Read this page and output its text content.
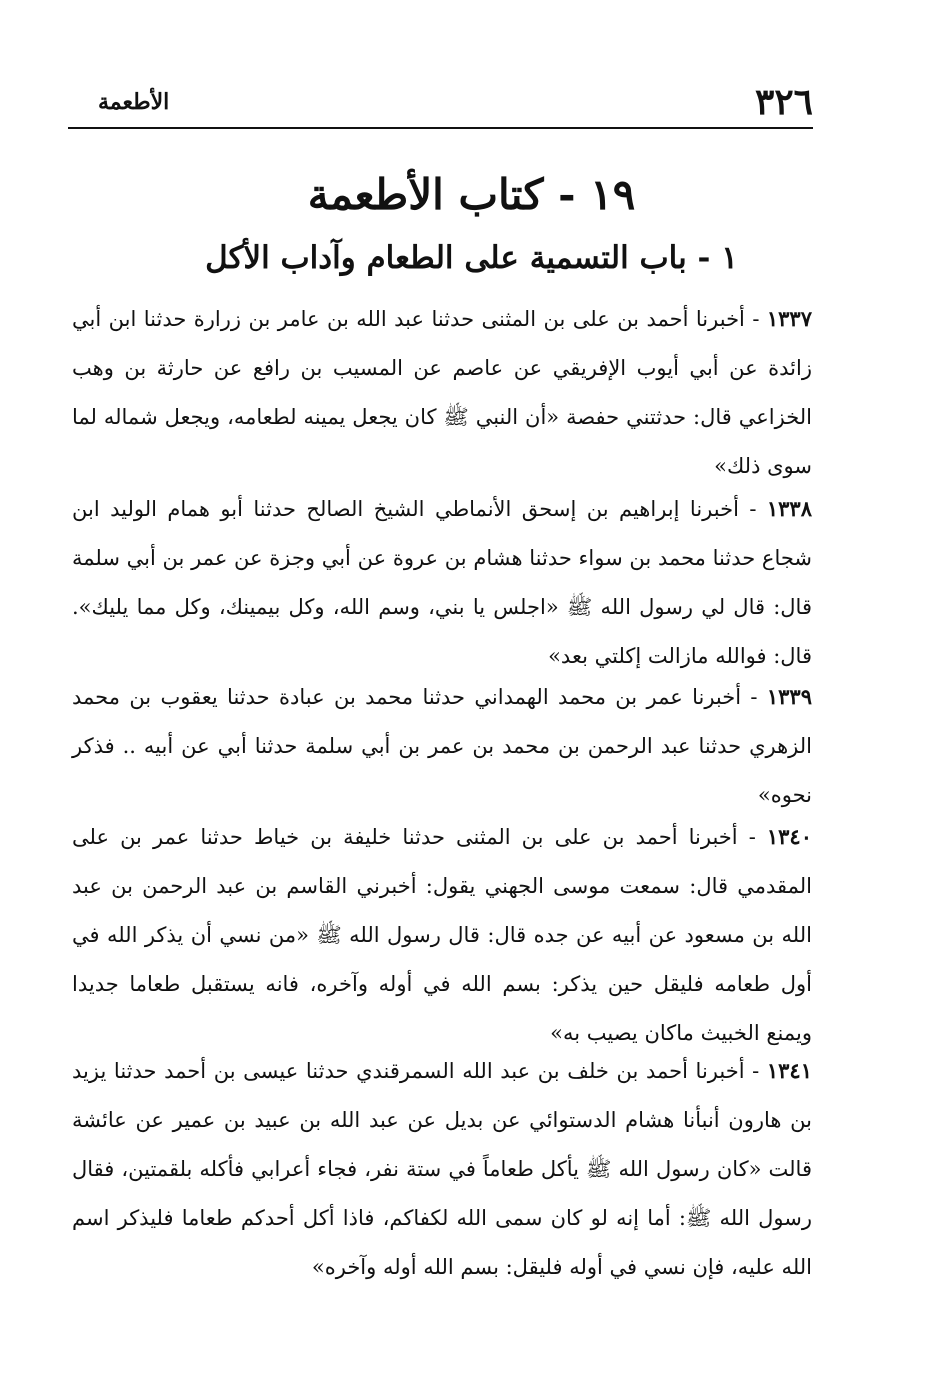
٣٢٦
الأطعمة
١٩ - كتاب الأطعمة
١ - باب التسمية على الطعام وآداب الأكل

١٣٣٧ - أخبرنا أحمد بن على بن المثنى حدثنا عبد الله بن عامر بن زرارة حدثنا ابن أبي زائدة عن أبي أيوب الإفريقي عن عاصم عن المسيب بن رافع عن حارثة بن وهب الخزاعي قال: حدثتني حفصة «أن النبي ﷺ كان يجعل يمينه لطعامه، ويجعل شماله لما سوى ذلك»

١٣٣٨ - أخبرنا إبراهيم بن إسحق الأنماطي الشيخ الصالح حدثنا أبو همام الوليد ابن شجاع حدثنا محمد بن سواء حدثنا هشام بن عروة عن أبي وجزة عن عمر بن أبي سلمة قال: قال لي رسول الله ﷺ «اجلس يا بني، وسم الله، وكل بيمينك، وكل مما يليك». قال: فوالله مازالت إكلتي بعد»

١٣٣٩ - أخبرنا عمر بن محمد الهمداني حدثنا محمد بن عبادة حدثنا يعقوب بن محمد الزهري حدثنا عبد الرحمن بن محمد بن عمر بن أبي سلمة حدثنا أبي عن أبيه .. فذكر نحوه»

١٣٤٠ - أخبرنا أحمد بن على بن المثنى حدثنا خليفة بن خياط حدثنا عمر بن على المقدمي قال: سمعت موسى الجهني يقول: أخبرني القاسم بن عبد الرحمن بن عبد الله بن مسعود عن أبيه عن جده قال: قال رسول الله ﷺ «من نسي أن يذكر الله في أول طعامه فليقل حين يذكر: بسم الله في أوله وآخره، فانه يستقبل طعاما جديدا ويمنع الخبيث ماكان يصيب به»

١٣٤١ - أخبرنا أحمد بن خلف بن عبد الله السمرقندي حدثنا عيسى بن أحمد حدثنا يزيد بن هارون أنبأنا هشام الدستوائي عن بديل عن عبد الله بن عبيد بن عمير عن عائشة قالت «كان رسول الله ﷺ يأكل طعاماً في ستة نفر، فجاء أعرابي فأكله بلقمتين، فقال رسول الله ﷺ: أما إنه لو كان سمى الله لكفاكم، فاذا أكل أحدكم طعاما فليذكر اسم الله عليه، فإن نسي في أوله فليقل: بسم الله أوله وآخره»
